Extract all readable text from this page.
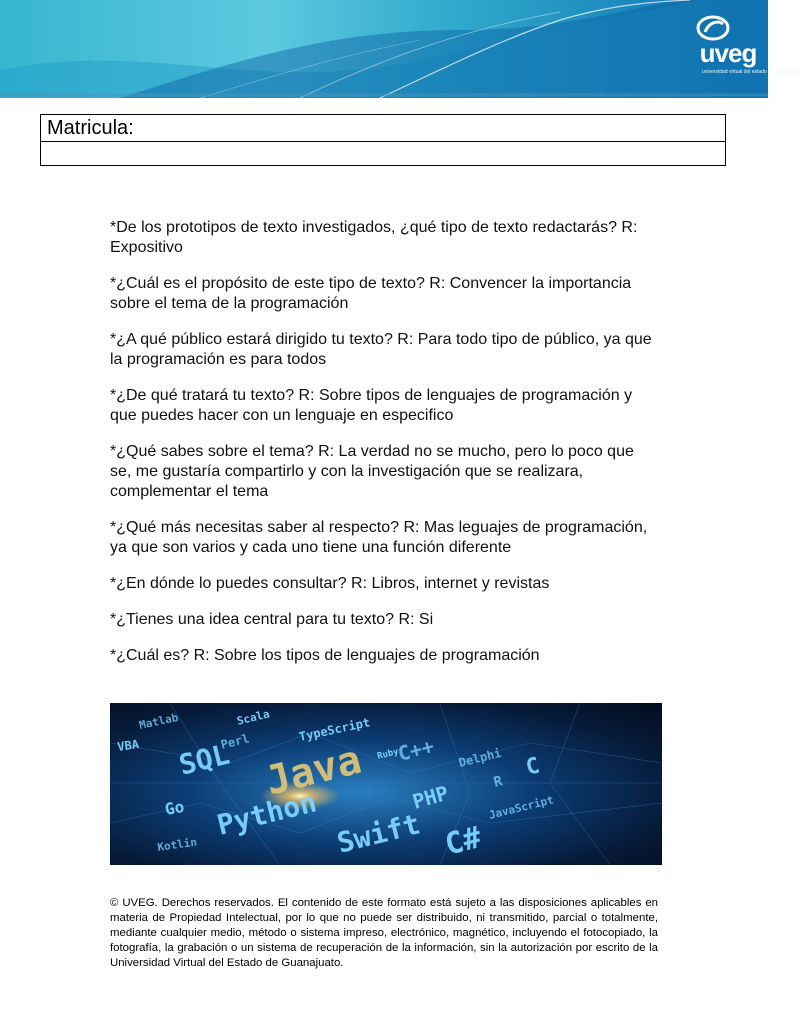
uveg
universidad virtual del estado de guanajuato
Matricula:

*De los prototipos de texto investigados, ¿qué tipo de texto redactarás? R: Expositivo

*¿Cuál es el propósito de este tipo de texto? R: Convencer la importancia sobre el tema de la programación

*¿A qué público estará dirigido tu texto? R: Para todo tipo de público, ya que la programación es para todos

*¿De qué tratará tu texto? R: Sobre tipos de lenguajes de programación y que puedes hacer con un lenguaje en especifico

*¿Qué sabes sobre el tema? R: La verdad no se mucho, pero lo poco que se, me gustaría compartirlo y con la investigación que se realizara, complementar el tema

*¿Qué más necesitas saber al respecto? R: Mas leguajes de programación, ya que son varios y cada uno tiene una función diferente

*¿En dónde lo puedes consultar? R: Libros, internet y revistas

*¿Tienes una idea central para tu texto? R: Si

*¿Cuál es? R: Sobre los tipos de lenguajes de programación

Matlab	Scala
VBA	Perl	TypeScript
SQL	C++
Ruby
Java	Delphi C
PHP	R
Go Python	JavaScript
Swift C#
Kotlin
© UVEG. Derechos reservados. El contenido de este formato está sujeto a las disposiciones aplicables en materia de Propiedad Intelectual, por lo que no puede ser distribuido, ni transmitido, parcial o totalmente, mediante cualquier medio, método o sistema impreso, electrónico, magnético, incluyendo el fotocopiado, la fotografía, la grabación o un sistema de recuperación de la información, sin la autorización por escrito de la Universidad Virtual del Estado de Guanajuato.
